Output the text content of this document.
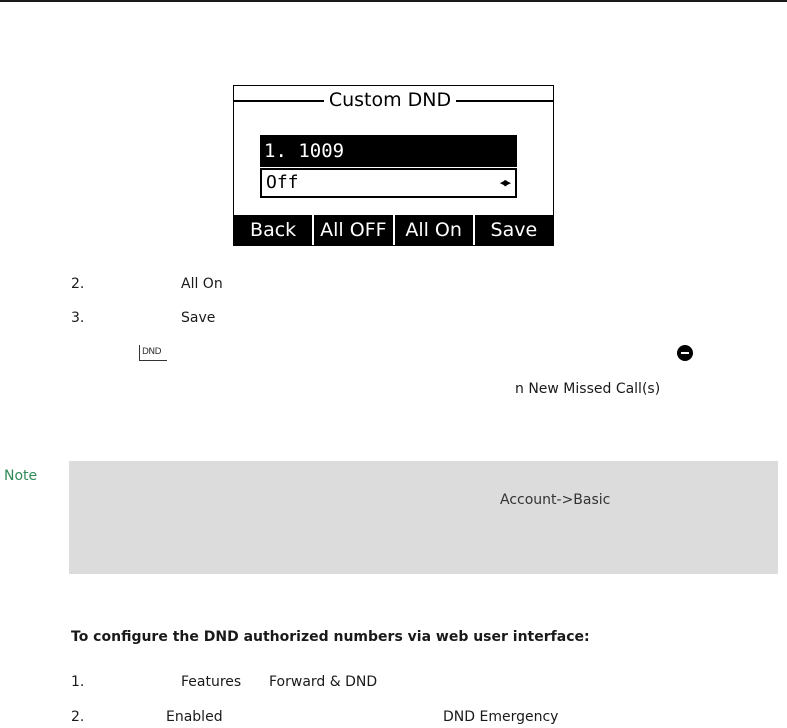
Custom DND
1. 1009
Off	◀▶
Back	All OFF All On	Save
2.	All On
3.	Save
DND
n New Missed Call(s)
Note
Account->Basic
To configure the DND authorized numbers via web user interface:
1.	Features Forward & DND
2.	Enabled	DND Emergency
